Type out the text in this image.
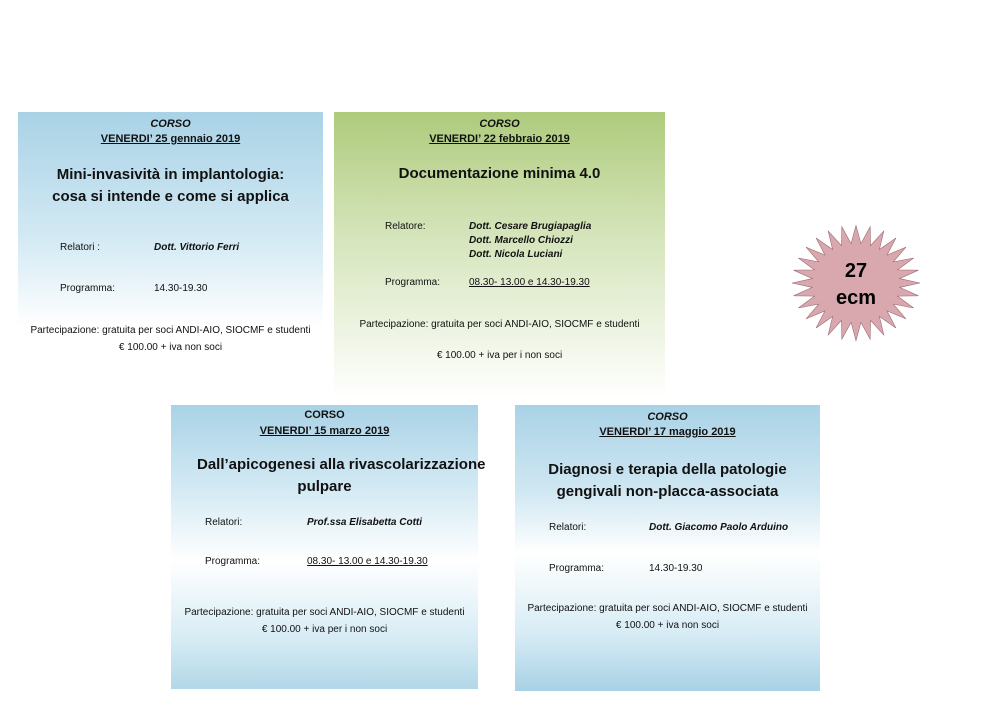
CORSO
VENERDI’ 25 gennaio 2019
Mini-invasività in implantologia:
cosa si intende e come si applica
Relatori :	Dott. Vittorio Ferri
Programma:	14.30-19.30
Partecipazione: gratuita per soci ANDI-AIO, SIOCMF e studenti
€ 100.00 + iva non soci
CORSO
VENERDI’ 22 febbraio 2019
Documentazione minima 4.0
Relatore:	Dott. Cesare Brugiapaglia
Dott. Marcello Chiozzi
Dott. Nicola Luciani
Programma:	08.30- 13.00 e 14.30-19.30
Partecipazione: gratuita per soci ANDI-AIO, SIOCMF e studenti
€ 100.00 + iva per i non soci
27
ecm
CORSO
VENERDI’ 15 marzo 2019
Dall’apicogenesi alla rivascolarizzazione
pulpare
Relatori:	Prof.ssa Elisabetta Cotti
Programma:	08.30- 13.00 e 14.30-19.30
Partecipazione: gratuita per soci ANDI-AIO, SIOCMF e studenti
€ 100.00 + iva per i non soci
CORSO
VENERDI’ 17 maggio 2019
Diagnosi e terapia della patologie
gengivali non-placca-associata
Relatori:	Dott. Giacomo Paolo Arduino
Programma:	14.30-19.30
Partecipazione: gratuita per soci ANDI-AIO, SIOCMF e studenti
€ 100.00 + iva non soci
